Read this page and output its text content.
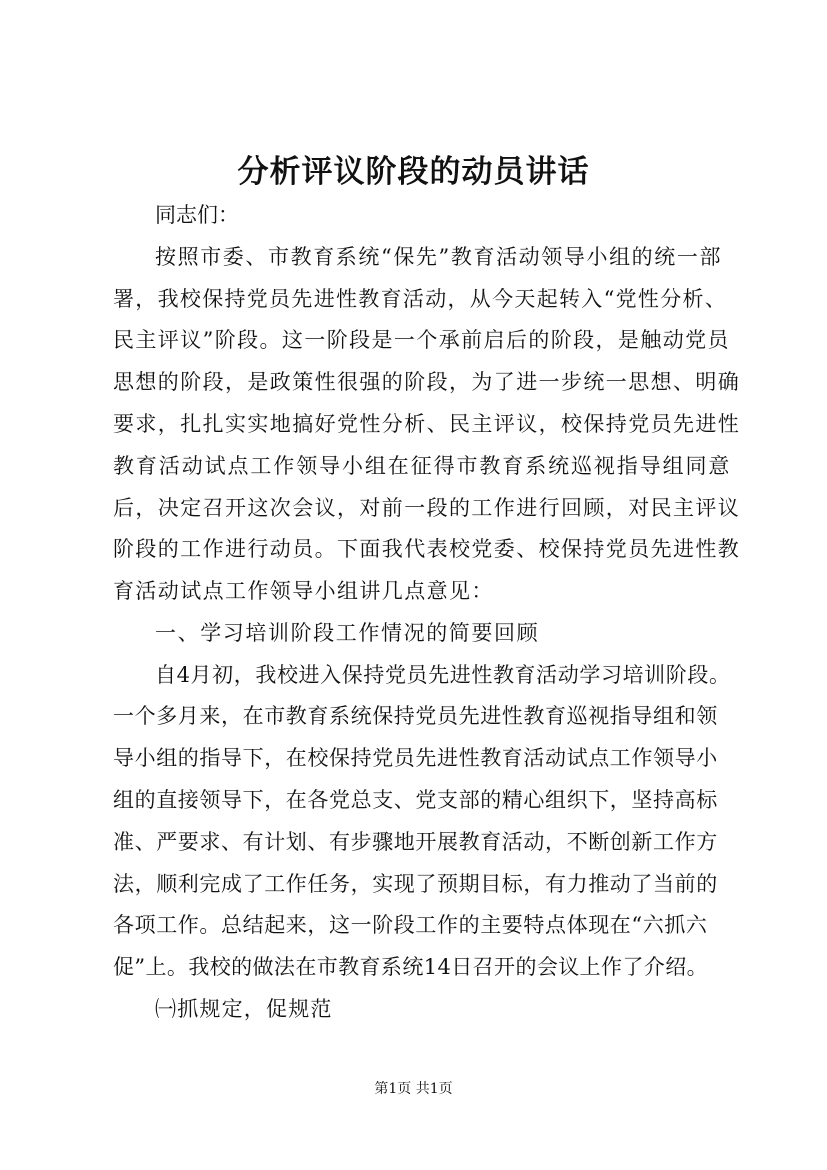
分析评议阶段的动员讲话
同志们：
按照市委、市教育系统“保先”教育活动领导小组的统一部
署，我校保持党员先进性教育活动，从今天起转入“党性分析、
民主评议”阶段。这一阶段是一个承前启后的阶段，是触动党员
思想的阶段，是政策性很强的阶段，为了进一步统一思想、明确
要求，扎扎实实地搞好党性分析、民主评议，校保持党员先进性
教育活动试点工作领导小组在征得市教育系统巡视指导组同意
后，决定召开这次会议，对前一段的工作进行回顾，对民主评议
阶段的工作进行动员。下面我代表校党委、校保持党员先进性教
育活动试点工作领导小组讲几点意见：
一、学习培训阶段工作情况的简要回顾
自4月初，我校进入保持党员先进性教育活动学习培训阶段。
一个多月来，在市教育系统保持党员先进性教育巡视指导组和领
导小组的指导下，在校保持党员先进性教育活动试点工作领导小
组的直接领导下，在各党总支、党支部的精心组织下，坚持高标
准、严要求、有计划、有步骤地开展教育活动，不断创新工作方
法，顺利完成了工作任务，实现了预期目标，有力推动了当前的
各项工作。总结起来，这一阶段工作的主要特点体现在“六抓六
促”上。我校的做法在市教育系统14日召开的会议上作了介绍。
㈠抓规定，促规范
第1页 共1页
